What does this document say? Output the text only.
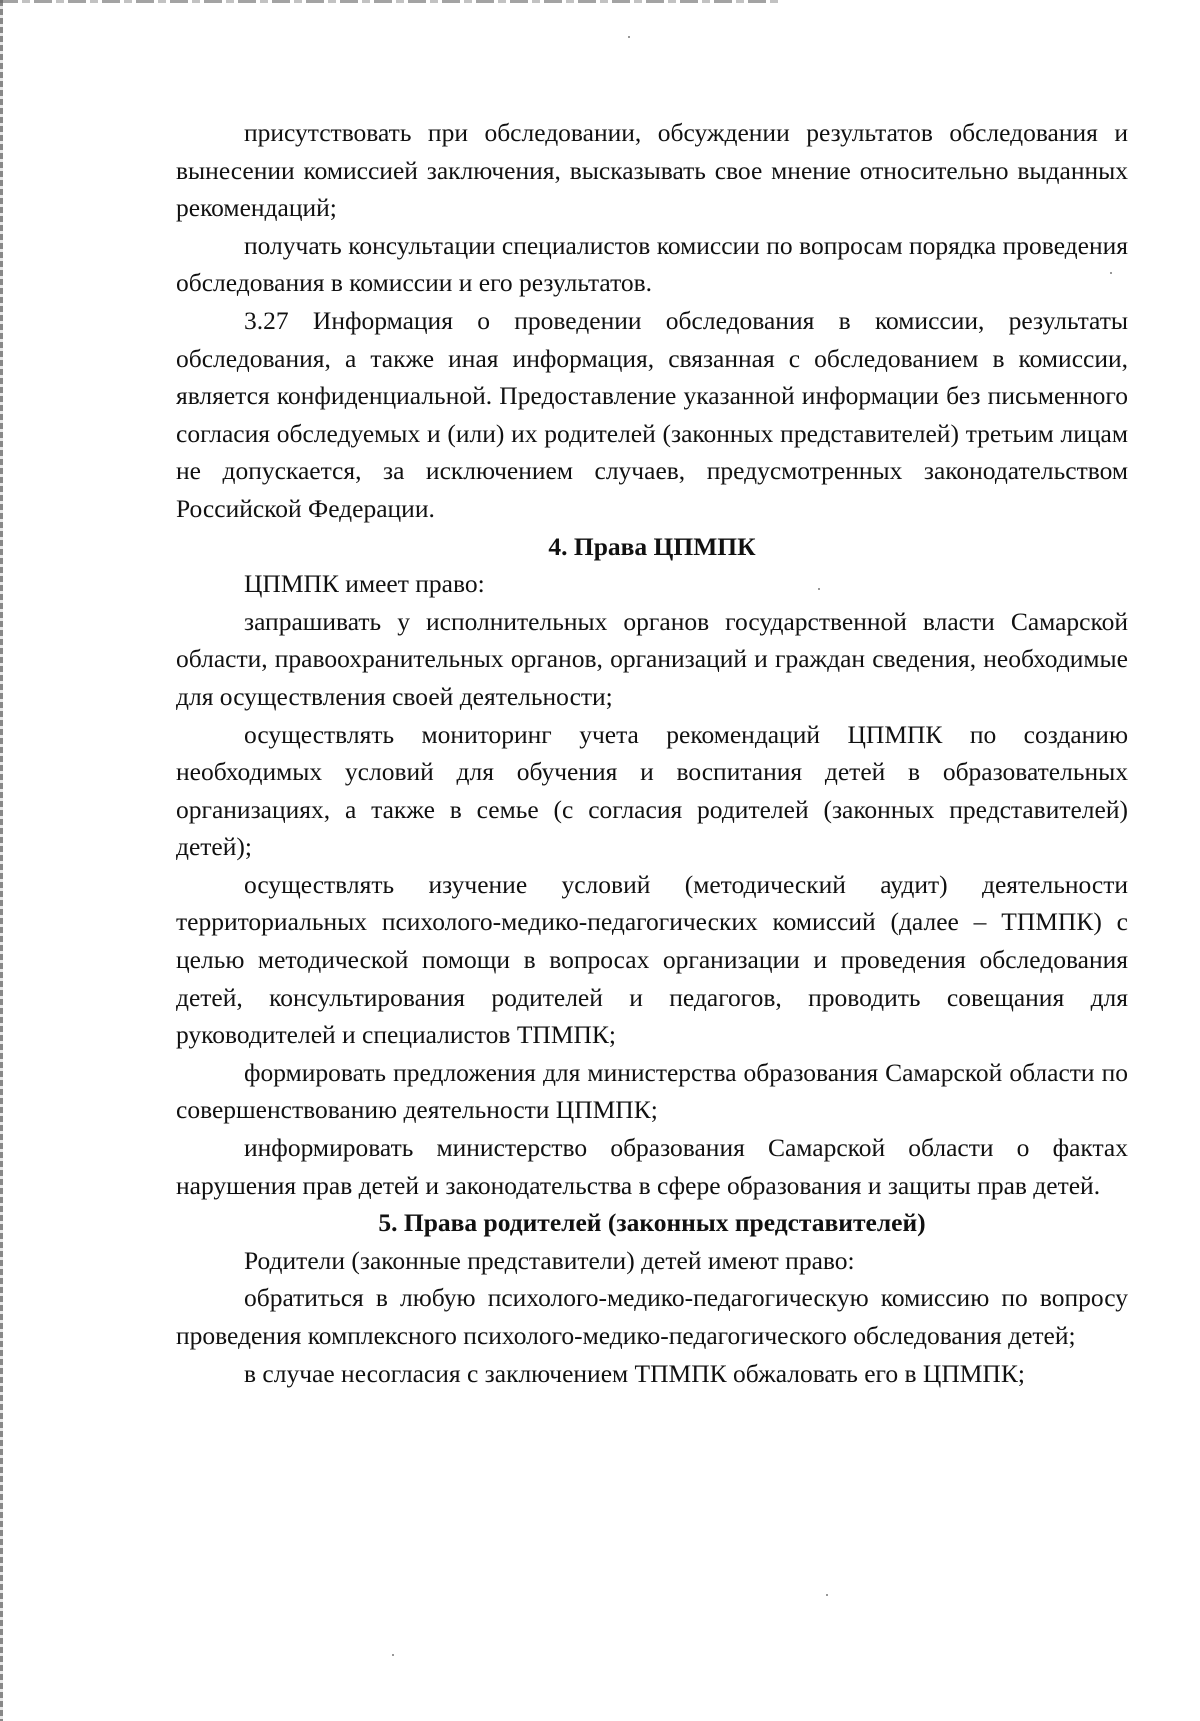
присутствовать при обследовании, обсуждении результатов обследования и вынесении комиссией заключения, высказывать свое мнение относительно выданных рекомендаций;

получать консультации специалистов комиссии по вопросам порядка проведения обследования в комиссии и его результатов.

3.27 Информация о проведении обследования в комиссии, результаты обследования, а также иная информация, связанная с обследованием в комиссии, является конфиденциальной. Предоставление указанной информации без письменного согласия обследуемых и (или) их родителей (законных представителей) третьим лицам не допускается, за исключением случаев, предусмотренных законодательством Российской Федерации.

4. Права ЦПМПК

ЦПМПК имеет право:

запрашивать у исполнительных органов государственной власти Самарской области, правоохранительных органов, организаций и граждан сведения, необходимые для осуществления своей деятельности;

осуществлять мониторинг учета рекомендаций ЦПМПК по созданию необходимых условий для обучения и воспитания детей в образовательных организациях, а также в семье (с согласия родителей (законных представителей) детей);

осуществлять изучение условий (методический аудит) деятельности территориальных психолого-медико-педагогических комиссий (далее – ТПМПК) с целью методической помощи в вопросах организации и проведения обследования детей, консультирования родителей и педагогов, проводить совещания для руководителей и специалистов ТПМПК;

формировать предложения для министерства образования Самарской области по совершенствованию деятельности ЦПМПК;

информировать министерство образования Самарской области о фактах нарушения прав детей и законодательства в сфере образования и защиты прав детей.

5. Права родителей (законных представителей)

Родители (законные представители) детей имеют право:

обратиться в любую психолого-медико-педагогическую комиссию по вопросу проведения комплексного психолого-медико-педагогического обследования детей;

в случае несогласия с заключением ТПМПК обжаловать его в ЦПМПК;
